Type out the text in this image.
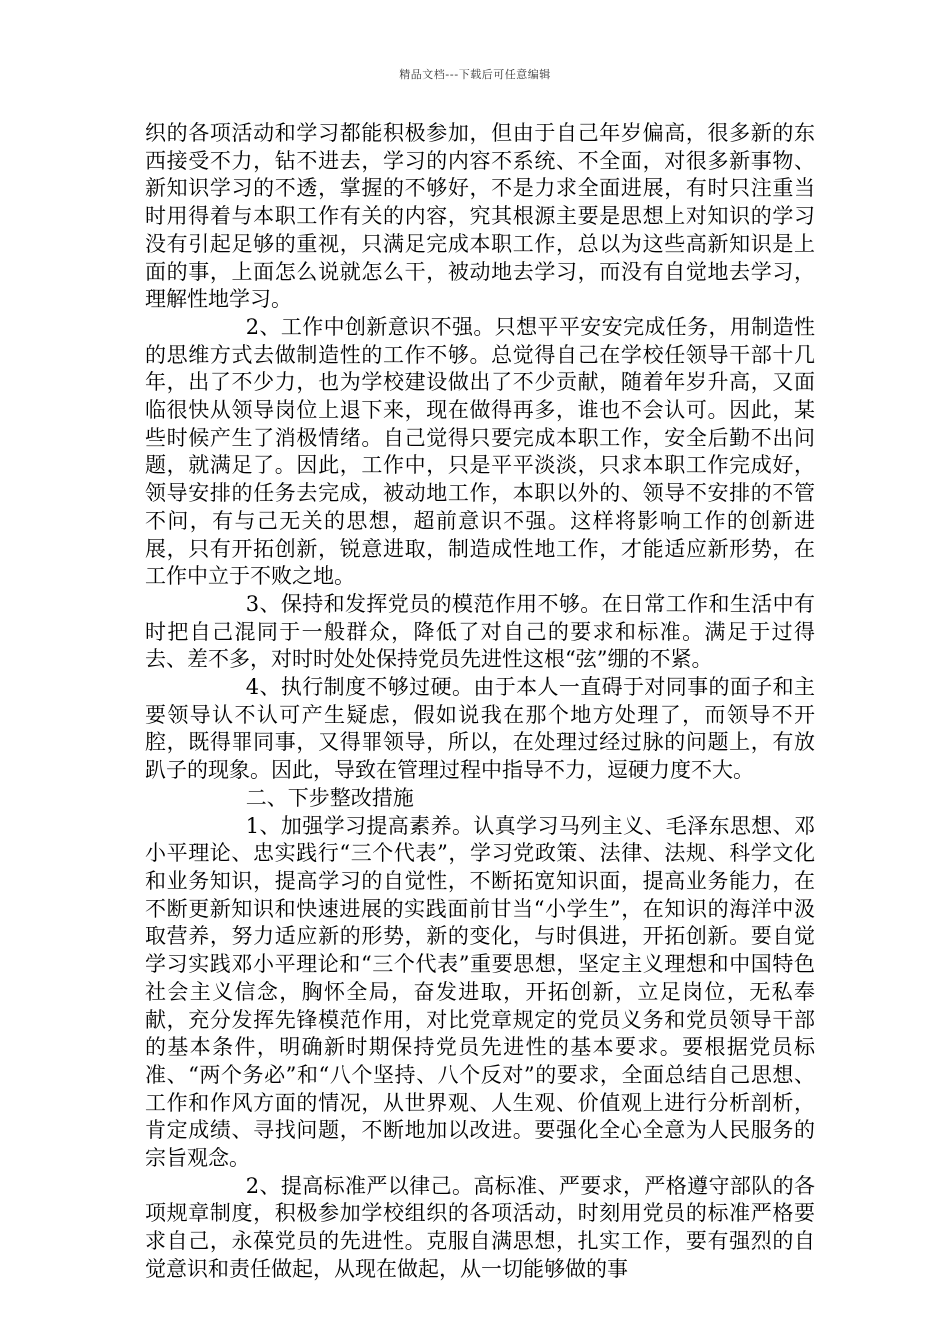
精品文档---下载后可任意编辑

织的各项活动和学习都能积极参加，但由于自己年岁偏高，很多新的东西接受不力，钻不进去，学习的内容不系统、不全面，对很多新事物、新知识学习的不透，掌握的不够好，不是力求全面进展，有时只注重当时用得着与本职工作有关的内容，究其根源主要是思想上对知识的学习没有引起足够的重视，只满足完成本职工作，总以为这些高新知识是上面的事，上面怎么说就怎么干，被动地去学习，而没有自觉地去学习，理解性地学习。

2、工作中创新意识不强。只想平平安安完成任务，用制造性的思维方式去做制造性的工作不够。总觉得自己在学校任领导干部十几年，出了不少力，也为学校建设做出了不少贡献，随着年岁升高，又面临很快从领导岗位上退下来，现在做得再多，谁也不会认可。因此，某些时候产生了消极情绪。自己觉得只要完成本职工作，安全后勤不出问题，就满足了。因此，工作中，只是平平淡淡，只求本职工作完成好，领导安排的任务去完成，被动地工作，本职以外的、领导不安排的不管不问，有与己无关的思想，超前意识不强。这样将影响工作的创新进展，只有开拓创新，锐意进取，制造成性地工作，才能适应新形势，在工作中立于不败之地。

3、保持和发挥党员的模范作用不够。在日常工作和生活中有时把自己混同于一般群众，降低了对自己的要求和标准。满足于过得去、差不多，对时时处处保持党员先进性这根“弦”绷的不紧。

4、执行制度不够过硬。由于本人一直碍于对同事的面子和主要领导认不认可产生疑虑，假如说我在那个地方处理了，而领导不开腔，既得罪同事，又得罪领导，所以，在处理过经过脉的问题上，有放趴子的现象。因此，导致在管理过程中指导不力，逗硬力度不大。

二、下步整改措施

1、加强学习提高素养。认真学习马列主义、毛泽东思想、邓小平理论、忠实践行“三个代表”，学习党政策、法律、法规、科学文化和业务知识，提高学习的自觉性，不断拓宽知识面，提高业务能力，在不断更新知识和快速进展的实践面前甘当“小学生”，在知识的海洋中汲取营养，努力适应新的形势，新的变化，与时俱进，开拓创新。要自觉学习实践邓小平理论和“三个代表”重要思想，坚定主义理想和中国特色社会主义信念，胸怀全局，奋发进取，开拓创新，立足岗位，无私奉献，充分发挥先锋模范作用，对比党章规定的党员义务和党员领导干部的基本条件，明确新时期保持党员先进性的基本要求。要根据党员标准、“两个务必”和“八个坚持、八个反对”的要求，全面总结自己思想、工作和作风方面的情况，从世界观、人生观、价值观上进行分析剖析，肯定成绩、寻找问题，不断地加以改进。要强化全心全意为人民服务的宗旨观念。

2、提高标准严以律己。高标准、严要求，严格遵守部队的各项规章制度，积极参加学校组织的各项活动，时刻用党员的标准严格要求自己，永葆党员的先进性。克服自满思想，扎实工作，要有强烈的自觉意识和责任做起，从现在做起，从一切能够做的事
